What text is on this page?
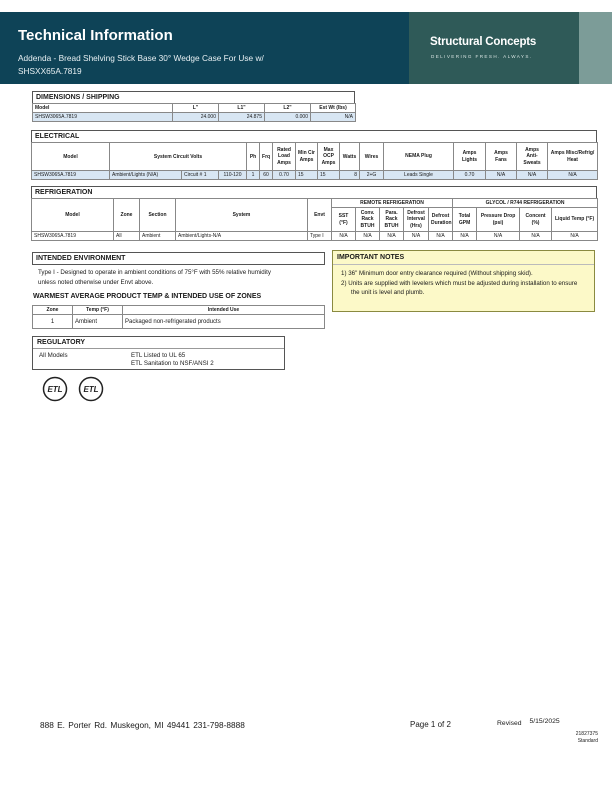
Technical Information
Addenda - Bread Shelving Stick Base 30° Wedge Case For Use w/ SHSXX65A.7819
Structural Concepts
DELIVERING FRESH. ALWAYS.
DIMENSIONS / SHIPPING
Model	L"	L1"	L2"	Est Wt (lbs)
SHSW3065A.7819	24.000	24.875	0.000	N/A
ELECTRICAL
Model	System Circuit Volts			Ph	Frq	Rated Load Amps	Min Cir Amps	Max OCP Amps	Watts	Wires	NEMA Plug	Amps Lights	Amps Fans	Amps Anti-Sweats	Amps Misc/Refrig/ Heat
SHSW3065A.7819	Ambient/Lights (N/A)	Circuit # 1	110-120	1	60	0.70	15	15	8	2+G	Leads Single	0.70	N/A	N/A	N/A
REFRIGERATION
Model	Zone	Section	System	Envt	REMOTE REFRIGERATION					GLYCOL / R744 REFRIGERATION			
					SST (°F)	Conv. Rack BTUH	Para. Rack BTUH	Defrost Interval (Hrs)	Defrost Duration	Total GPM	Pressure Drop (psi)	Concent (%)	Liquid Temp (°F)
SHSW3065A.7819	All	Ambient	Ambient/Lights-N/A	Type I	N/A	N/A	N/A	N/A	N/A	N/A	N/A	N/A	N/A
INTENDED ENVIRONMENT
Type I - Designed to operate in ambient conditions of 75°F with 55% relative humidity unless noted otherwise under Envt above.
WARMEST AVERAGE PRODUCT TEMP & INTENDED USE OF ZONES
Zone	Temp (°F)	Intended Use
1	Ambient	Packaged non-refrigerated products
IMPORTANT NOTES
1) 36" Minimum door entry clearance required (Without shipping skid).
2) Units are supplied with levelers which must be adjusted during installation to ensure the unit is level and plumb.
REGULATORY
All Models	ETL Listed to UL 65
ETL Sanitation to NSF/ANSI 2
ETL	ETL
888 E. Porter Rd. Muskegon, MI 49441 231-798-8888	Page 1 of 2	Revised 5/15/2025
21827375
Standard
